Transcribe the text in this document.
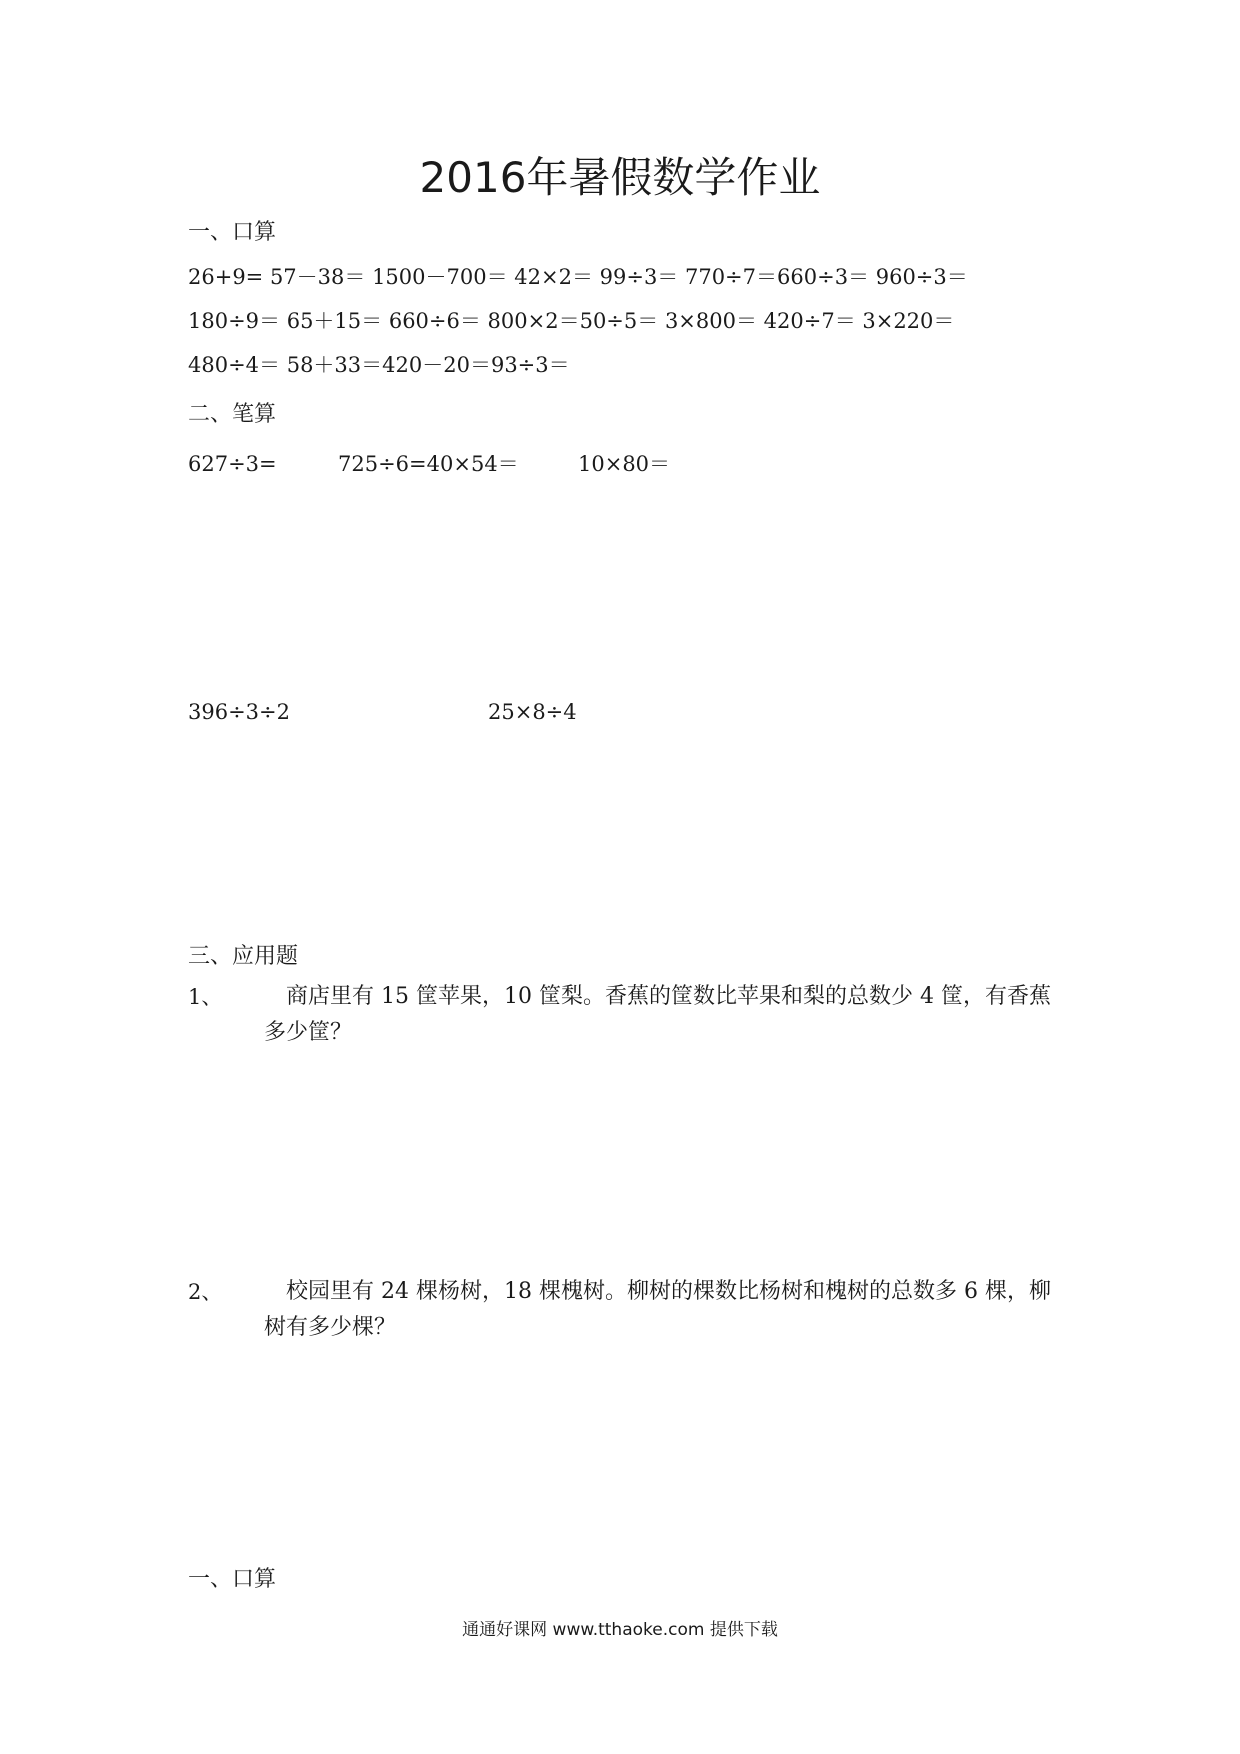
2016年暑假数学作业
一、口算
26+9= 57－38＝ 1500－700＝ 42×2＝ 99÷3＝ 770÷7＝660÷3＝ 960÷3＝
180÷9＝ 65＋15＝ 660÷6＝ 800×2＝50÷5＝ 3×800＝ 420÷7＝ 3×220＝
480÷4＝ 58＋33＝420－20＝93÷3＝
二、笔算
627÷3=	725÷6=40×54＝	10×80＝
396÷3÷2	25×8÷4
三、应用题
1、	商店里有 15 筐苹果，10 筐梨。香蕉的筐数比苹果和梨的总数少 4 筐，有香蕉多少筐？
2、	校园里有 24 棵杨树，18 棵槐树。柳树的棵数比杨树和槐树的总数多 6 棵，柳树有多少棵？
一、口算
通通好课网 www.tthaoke.com 提供下载
